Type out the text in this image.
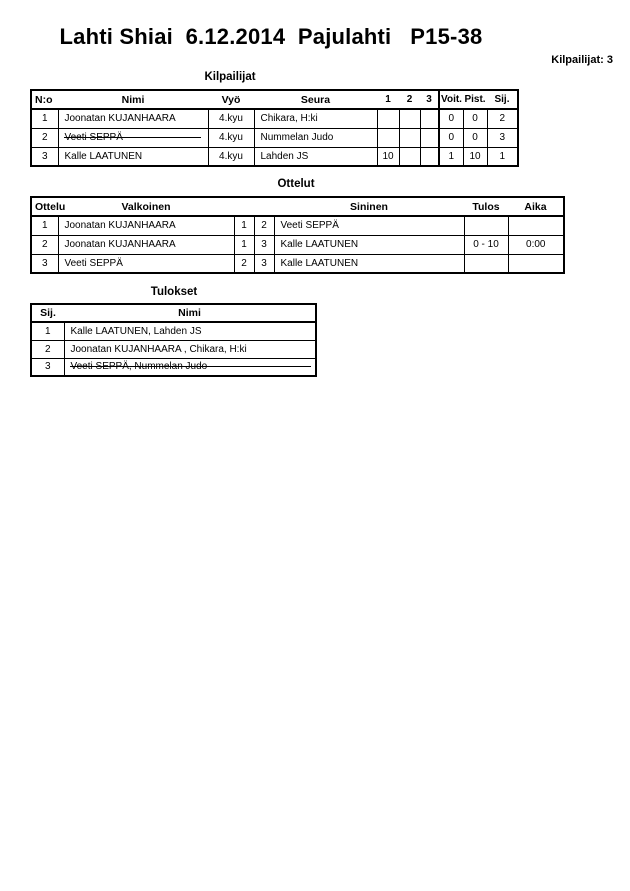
Lahti Shiai  6.12.2014  Pajulahti   P15-38
Kilpailijat: 3
Kilpailijat
N:o	Nimi	Vyö	Seura	1	2	3	Voit.	Pist.	Sij.
1	Joonatan KUJANHAARA	4.kyu	Chikara, H:ki				0	0	2
2	Veeti SEPPÄ	4.kyu	Nummelan Judo				0	0	3
3	Kalle LAATUNEN	4.kyu	Lahden JS	10			1	10	1
Ottelut
Ottelu	Valkoinen			Sininen	Tulos	Aika
1	Joonatan KUJANHAARA	1	2	Veeti SEPPÄ		
2	Joonatan KUJANHAARA	1	3	Kalle LAATUNEN	0 - 10	0:00
3	Veeti SEPPÄ	2	3	Kalle LAATUNEN		
Tulokset
Sij.	Nimi
1	Kalle LAATUNEN, Lahden JS
2	Joonatan KUJANHAARA , Chikara, H:ki
3	Veeti SEPPÄ, Nummelan Judo
